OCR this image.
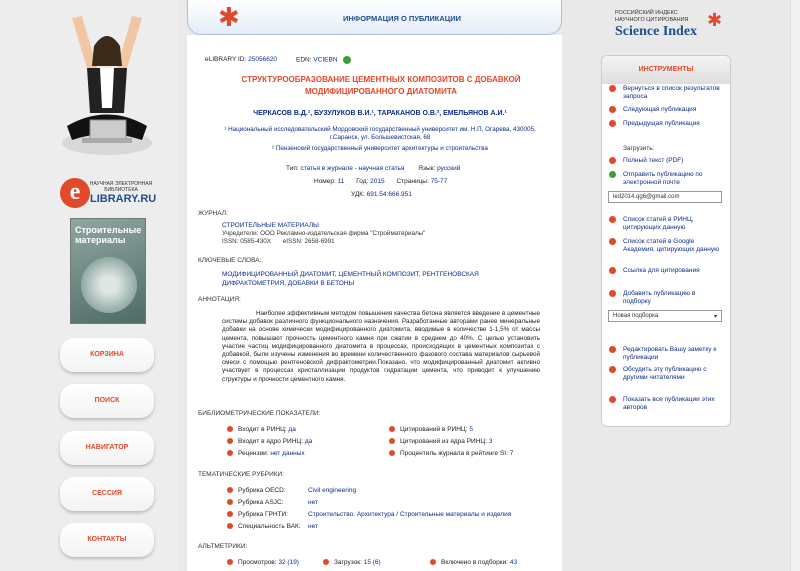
e	НАУЧНАЯ ЭЛЕКТРОННАЯ БИБЛИОТЕКА
LIBRARY.RU
Строительные материалы
КОРЗИНА
ПОИСК
НАВИГАТОР
СЕССИЯ
КОНТАКТЫ
✱	ИНФОРМАЦИЯ О ПУБЛИКАЦИИ
eLIBRARY ID: 25056620	EDN: VCIEBN
СТРУКТУРООБРАЗОВАНИЕ ЦЕМЕНТНЫХ КОМПОЗИТОВ С ДОБАВКОЙ МОДИФИЦИРОВАННОГО ДИАТОМИТА
ЧЕРКАСОВ В.Д.¹, БУЗУЛУКОВ В.И.¹, ТАРАКАНОВ О.В.², ЕМЕЛЬЯНОВ А.И.¹
¹ Национальный исследовательский Мордовский государственный университет им. Н.П. Огарева, 430005, г.Саранск, ул. Большевистская, 68
² Пензенский государственный университет архитектуры и строительства
Тип: статья в журнале - научная статья Язык: русский
Номер: 11 Год: 2015 Страницы: 75-77
УДК: 691.54:666.951
ЖУРНАЛ:
СТРОИТЕЛЬНЫЕ МАТЕРИАЛЫ
Учредители: ООО Рекламно-издательская фирма "Стройматериалы"
ISSN: 0585-430X eISSN: 2658-6991
КЛЮЧЕВЫЕ СЛОВА:
МОДИФИЦИРОВАННЫЙ ДИАТОМИТ, ЦЕМЕНТНЫЙ КОМПОЗИТ, РЕНТГЕНОВСКАЯ ДИФРАКТОМЕТРИЯ, ДОБАВКИ В БЕТОНЫ
АННОТАЦИЯ:
Наиболее эффективным методом повышения качества бетона является введение в цементные системы добавок различного функционального назначения. Разработанные авторами ранее минеральные добавки на основе химически модифицированного диатомита, вводимые в количестве 1-1,5% от массы цемента, повышают прочность цементного камня при сжатии в среднем до 40%. С целью установить участие частиц модифицированного диатомита в процессах, происходящих в цементных композитах с добавкой, были изучены изменения во времени количественного фазового состава материалов сырьевой смеси с помощью рентгеновской дифрактометрии.Показано, что модифицированный диатомит активно участвует в процессах кристаллизации продуктов гидратации цемента, что приводит к улучшению структуры и прочности цементного камня.
БИБЛИОМЕТРИЧЕСКИЕ ПОКАЗАТЕЛИ:
Входит в РИНЦ: да
Входит в ядро РИНЦ: да
Рецензии: нет данных
Цитирований в РИНЦ: 5
Цитирований из ядра РИНЦ: 3
Процентиль журнала в рейтинге SI: 7
ТЕМАТИЧЕСКИЕ РУБРИКИ:
Рубрика OECD:	Civil engineering
Рубрика ASJC:	нет
Рубрика ГРНТИ:	Строительство. Архитектура / Строительные материалы и изделия
Специальность ВАК: нет
АЛЬТМЕТРИКИ:
Просмотров: 32 (19)	Загрузок: 15 (6)	Включено в подборки: 43
РОССИЙСКИЙ ИНДЕКС
НАУЧНОГО ЦИТИРОВАНИЯ
Science Index
✱
ИНСТРУМЕНТЫ
Вернуться в список результатов запроса
Следующая публикация
Предыдущая публикация
Загрузить:
Полный текст (PDF)
Отправить публикацию по электронной почте
led2014.qg6@gmail.com
Список статей в РИНЦ, цитирующих данную
Список статей в Google Академия, цитирующих данную
Ссылка для цитирования
Добавить публикацию в подборку
Новая подборка	▾
Редактировать Вашу заметку к публикации
Обсудить эту публикацию с другими читателями
Показать все публикации этих авторов
